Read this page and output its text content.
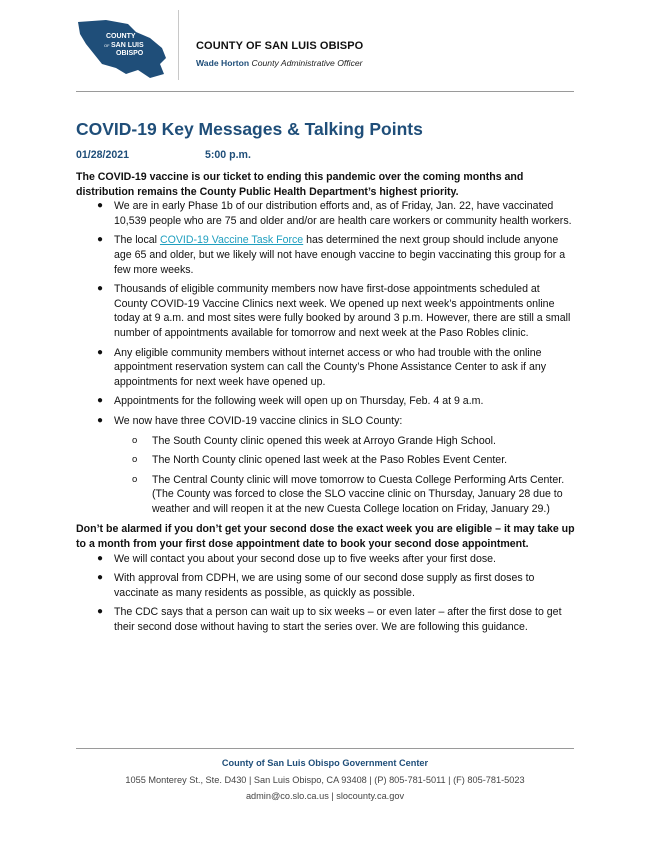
COUNTY
OF SAN LUIS
OBISPO
COUNTY OF SAN LUIS OBISPO
Wade Horton County Administrative Officer
COVID-19 Key Messages & Talking Points
01/28/2021	5:00 p.m.

The COVID-19 vaccine is our ticket to ending this pandemic over the coming months and distribution remains the County Public Health Department’s highest priority.

● We are in early Phase 1b of our distribution efforts and, as of Friday, Jan. 22, have vaccinated 10,539 people who are 75 and older and/or are health care workers or community health workers.
● The local COVID-19 Vaccine Task Force has determined the next group should include anyone age 65 and older, but we likely will not have enough vaccine to begin vaccinating this group for a few more weeks.
● Thousands of eligible community members now have first-dose appointments scheduled at County COVID-19 Vaccine Clinics next week. We opened up next week’s appointments online today at 9 a.m. and most sites were fully booked by around 3 p.m. However, there are still a small number of appointments available for tomorrow and next week at the Paso Robles clinic.
● Any eligible community members without internet access or who had trouble with the online appointment reservation system can call the County’s Phone Assistance Center to ask if any appointments for next week have opened up.
● Appointments for the following week will open up on Thursday, Feb. 4 at 9 a.m.
● We now have three COVID-19 vaccine clinics in SLO County:
o The South County clinic opened this week at Arroyo Grande High School.
o The North County clinic opened last week at the Paso Robles Event Center.
o The Central County clinic will move tomorrow to Cuesta College Performing Arts Center. (The County was forced to close the SLO vaccine clinic on Thursday, January 28 due to weather and will reopen it at the new Cuesta College location on Friday, January 29.)

Don’t be alarmed if you don’t get your second dose the exact week you are eligible – it may take up to a month from your first dose appointment date to book your second dose appointment.

● We will contact you about your second dose up to five weeks after your first dose.
● With approval from CDPH, we are using some of our second dose supply as first doses to vaccinate as many residents as possible, as quickly as possible.
● The CDC says that a person can wait up to six weeks – or even later – after the first dose to get their second dose without having to start the series over. We are following this guidance.
County of San Luis Obispo Government Center
1055 Monterey St., Ste. D430 | San Luis Obispo, CA 93408 | (P) 805-781-5011 | (F) 805-781-5023
admin@co.slo.ca.us | slocounty.ca.gov
